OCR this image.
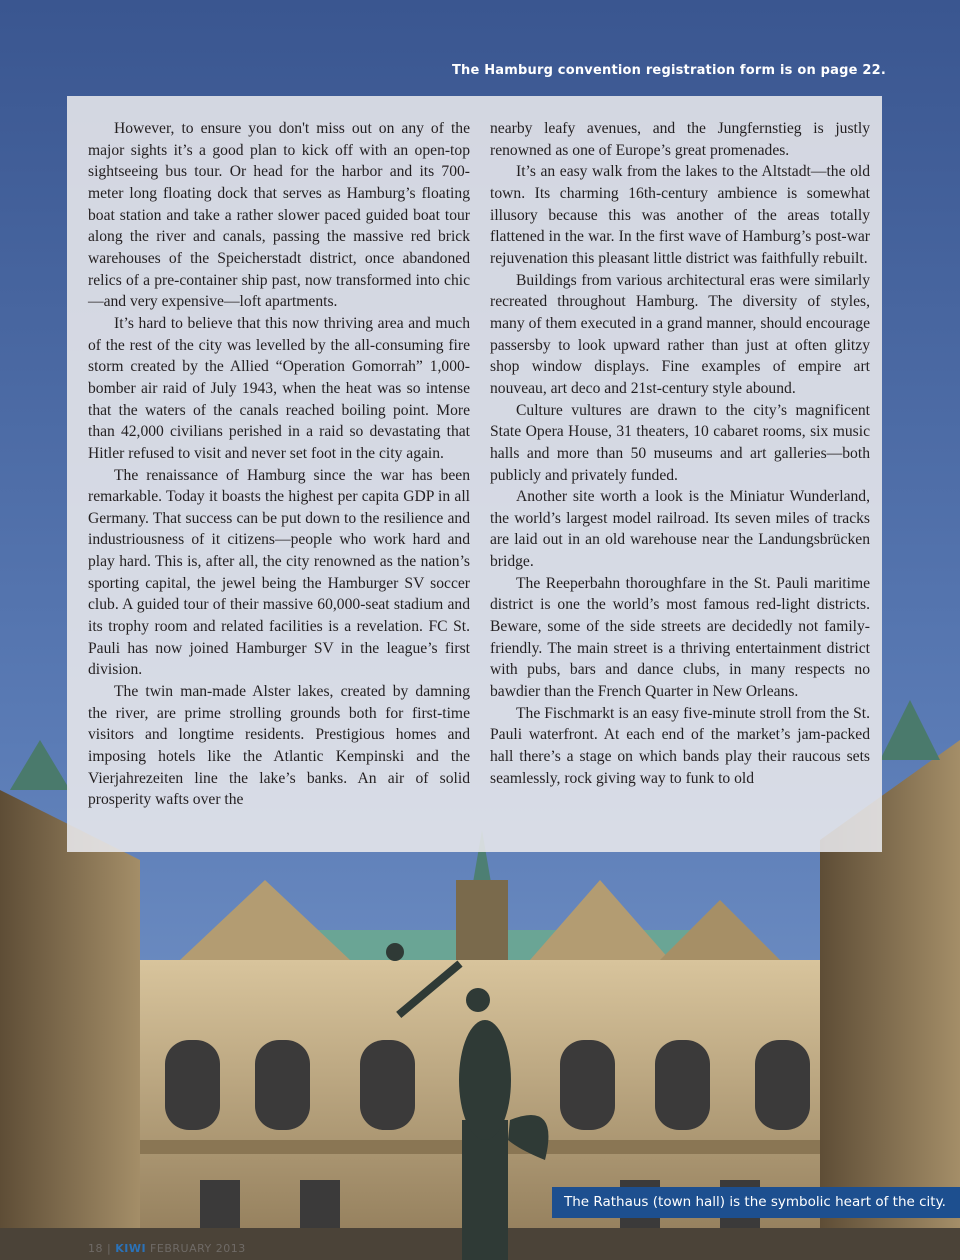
The Hamburg convention registration form is on page 22.

However, to ensure you don't miss out on any of the major sights it’s a good plan to kick off with an open-top sightseeing bus tour. Or head for the harbor and its 700-meter long floating dock that serves as Hamburg’s floating boat station and take a rather slower paced guided boat tour along the river and canals, passing the massive red brick warehouses of the Speicherstadt district, once abandoned relics of a pre-container ship past, now transformed into chic—and very expensive—loft apartments.

It’s hard to believe that this now thriving area and much of the rest of the city was levelled by the all-consuming fire storm created by the Allied “Operation Gomorrah” 1,000-bomber air raid of July 1943, when the heat was so intense that the waters of the canals reached boiling point. More than 42,000 civilians perished in a raid so devastating that Hitler refused to visit and never set foot in the city again.

The renaissance of Hamburg since the war has been remarkable. Today it boasts the highest per capita GDP in all Germany. That success can be put down to the resilience and industriousness of it citizens—people who work hard and play hard. This is, after all, the city renowned as the nation’s sporting capital, the jewel being the Hamburger SV soccer club. A guided tour of their massive 60,000-seat stadium and its trophy room and related facilities is a revelation. FC St. Pauli has now joined Hamburger SV in the league’s first division.

The twin man-made Alster lakes, created by damning the river, are prime strolling grounds both for first-time visitors and longtime residents. Prestigious homes and imposing hotels like the Atlantic Kempinski and the Vierjahrezeiten line the lake’s banks. An air of solid prosperity wafts over the

nearby leafy avenues, and the Jungfernstieg is justly renowned as one of Europe’s great promenades.

It’s an easy walk from the lakes to the Altstadt—the old town. Its charming 16th-century ambience is somewhat illusory because this was another of the areas totally flattened in the war. In the first wave of Hamburg’s post-war rejuvenation this pleasant little district was faithfully rebuilt.

Buildings from various architectural eras were similarly recreated throughout Hamburg. The diversity of styles, many of them executed in a grand manner, should encourage passersby to look upward rather than just at often glitzy shop window displays. Fine examples of empire art nouveau, art deco and 21st-century style abound.

Culture vultures are drawn to the city’s magnificent State Opera House, 31 theaters, 10 cabaret rooms, six music halls and more than 50 museums and art galleries—both publicly and privately funded.

Another site worth a look is the Miniatur Wunderland, the world’s largest model railroad. Its seven miles of tracks are laid out in an old warehouse near the Landungsbrücken bridge.

The Reeperbahn thoroughfare in the St. Pauli maritime district is one the world’s most famous red-light districts. Beware, some of the side streets are decidedly not family-friendly. The main street is a thriving entertainment district with pubs, bars and dance clubs, in many respects no bawdier than the French Quarter in New Orleans.

The Fischmarkt is an easy five-minute stroll from the St. Pauli waterfront. At each end of the market’s jam-packed hall there’s a stage on which bands play their raucous sets seamlessly, rock giving way to funk to old

The Rathaus (town hall) is the symbolic heart of the city.
18 | KIWI FEBRUARY 2013
